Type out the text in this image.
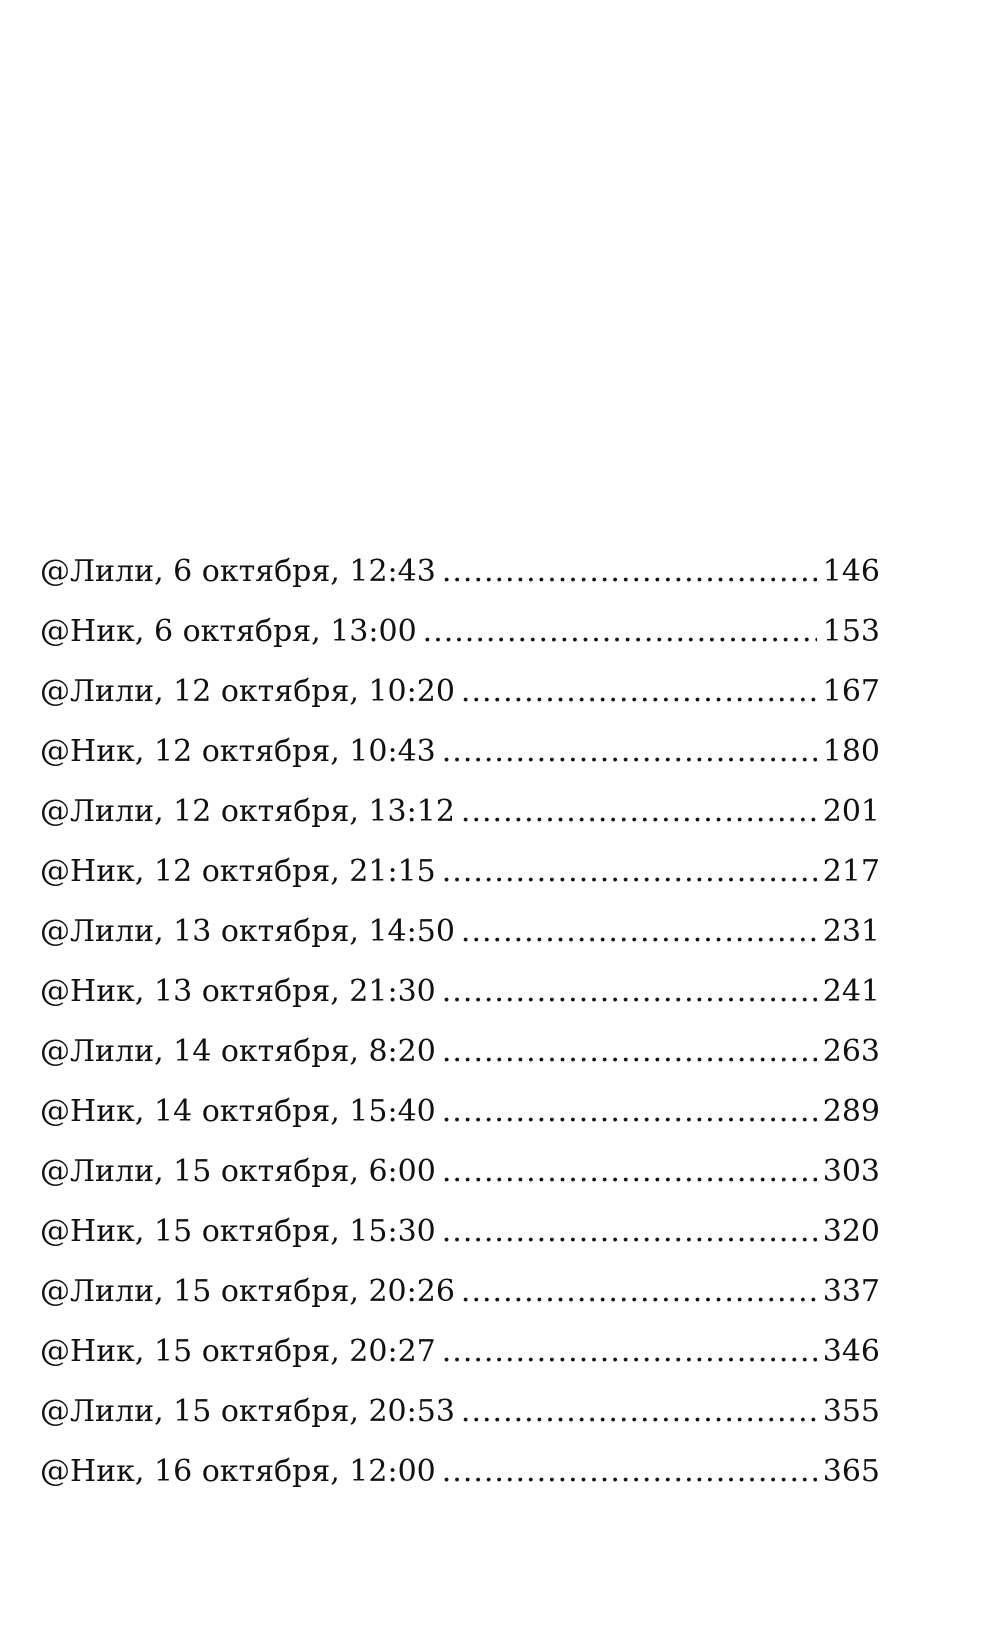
@Лили, 6 октября, 12:43 .....	146
@Ник, 6 октября, 13:00 .....	153
@Лили, 12 октября, 10:20 .....	167
@Ник, 12 октября, 10:43 .....	180
@Лили, 12 октября, 13:12 .....	201
@Ник, 12 октября, 21:15 .....	217
@Лили, 13 октября, 14:50 .....	231
@Ник, 13 октября, 21:30 .....	241
@Лили, 14 октября, 8:20 .....	263
@Ник, 14 октября, 15:40 .....	289
@Лили, 15 октября, 6:00 .....	303
@Ник, 15 октября, 15:30 .....	320
@Лили, 15 октября, 20:26 .....	337
@Ник, 15 октября, 20:27 .....	346
@Лили, 15 октября, 20:53 .....	355
@Ник, 16 октября, 12:00 .....	365
